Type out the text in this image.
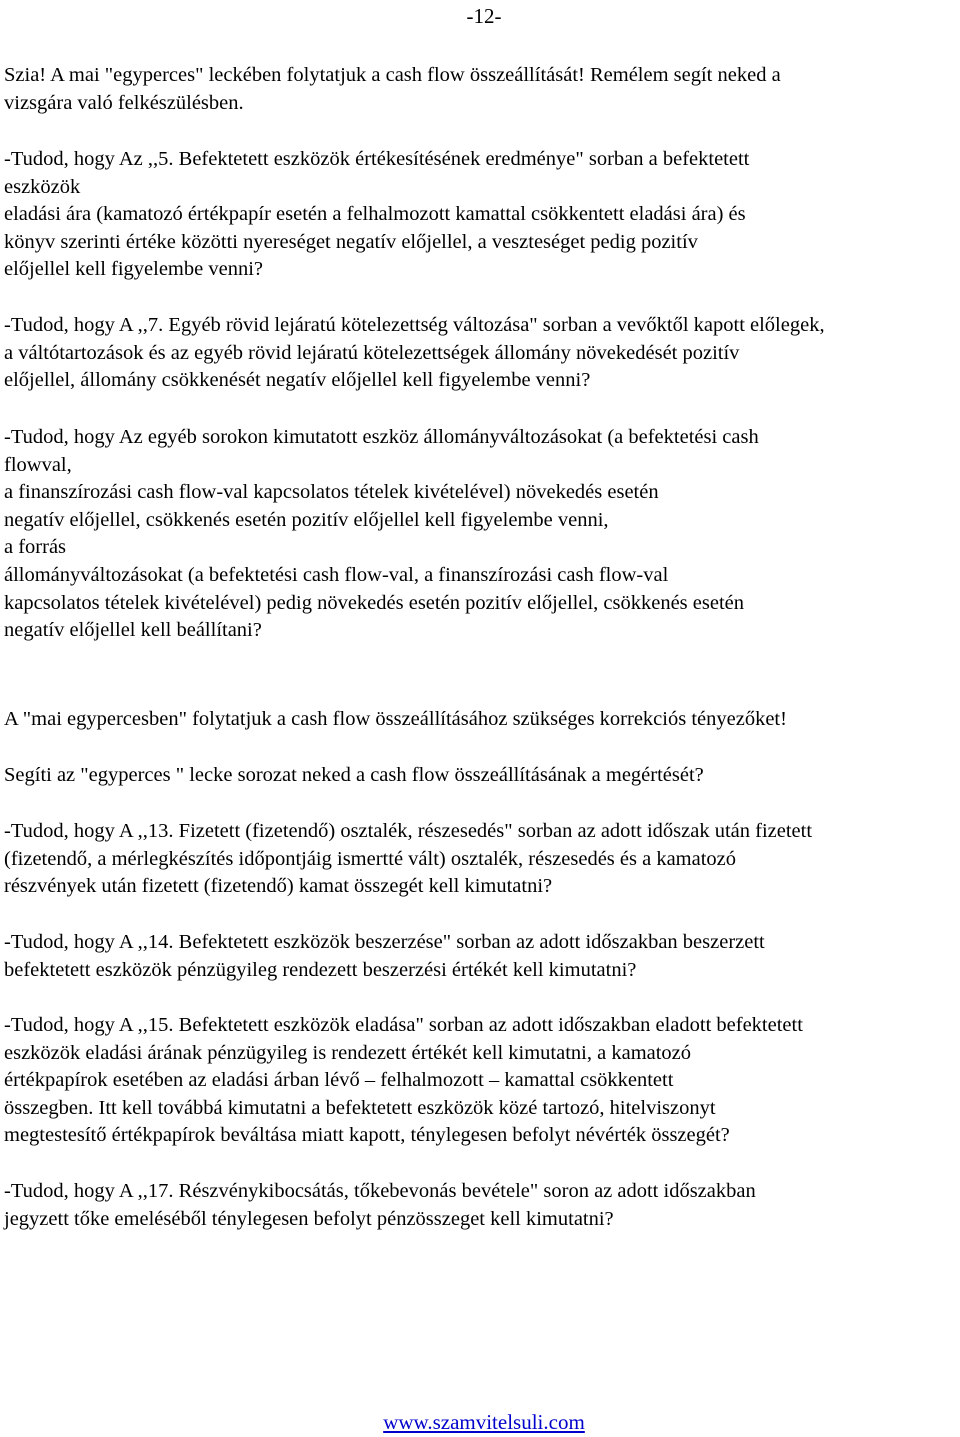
-12-

Szia! A mai "egyperces" leckében folytatjuk a cash flow összeállítását! Remélem segít neked a
vizsgára való felkészülésben.

-Tudod, hogy Az ,,5. Befektetett eszközök értékesítésének eredménye" sorban a befektetett
eszközök
eladási ára (kamatozó értékpapír esetén a felhalmozott kamattal csökkentett eladási ára) és
könyv szerinti értéke közötti nyereséget negatív előjellel, a veszteséget pedig pozitív
előjellel kell figyelembe venni?

-Tudod, hogy A ,,7. Egyéb rövid lejáratú kötelezettség változása" sorban a vevőktől kapott előlegek,
a váltótartozások és az egyéb rövid lejáratú kötelezettségek állomány növekedését pozitív
előjellel, állomány csökkenését negatív előjellel kell figyelembe venni?

-Tudod, hogy Az egyéb sorokon kimutatott eszköz állományváltozásokat (a befektetési cash
flowval,
a finanszírozási cash flow-val kapcsolatos tételek kivételével) növekedés esetén
negatív előjellel, csökkenés esetén pozitív előjellel kell figyelembe venni,
a forrás
állományváltozásokat (a befektetési cash flow-val, a finanszírozási cash flow-val
kapcsolatos tételek kivételével) pedig növekedés esetén pozitív előjellel, csökkenés esetén
negatív előjellel kell beállítani?

A "mai egypercesben" folytatjuk a cash flow összeállításához szükséges korrekciós tényezőket!

Segíti az "egyperces " lecke sorozat neked a cash flow összeállításának a megértését?

-Tudod, hogy A ,,13. Fizetett (fizetendő) osztalék, részesedés" sorban az adott időszak után fizetett
(fizetendő, a mérlegkészítés időpontjáig ismertté vált) osztalék, részesedés és a kamatozó
részvények után fizetett (fizetendő) kamat összegét kell kimutatni?

-Tudod, hogy A ,,14. Befektetett eszközök beszerzése" sorban az adott időszakban beszerzett
befektetett eszközök pénzügyileg rendezett beszerzési értékét kell kimutatni?

-Tudod, hogy A ,,15. Befektetett eszközök eladása" sorban az adott időszakban eladott befektetett
eszközök eladási árának pénzügyileg is rendezett értékét kell kimutatni, a kamatozó
értékpapírok esetében az eladási árban lévő – felhalmozott – kamattal csökkentett
összegben. Itt kell továbbá kimutatni a befektetett eszközök közé tartozó, hitelviszonyt
megtestesítő értékpapírok beváltása miatt kapott, ténylegesen befolyt névérték összegét?

-Tudod, hogy A ,,17. Részvénykibocsátás, tőkebevonás bevétele" soron az adott időszakban
jegyzett tőke emeléséből ténylegesen befolyt pénzösszeget kell kimutatni?

www.szamvitelsuli.com
